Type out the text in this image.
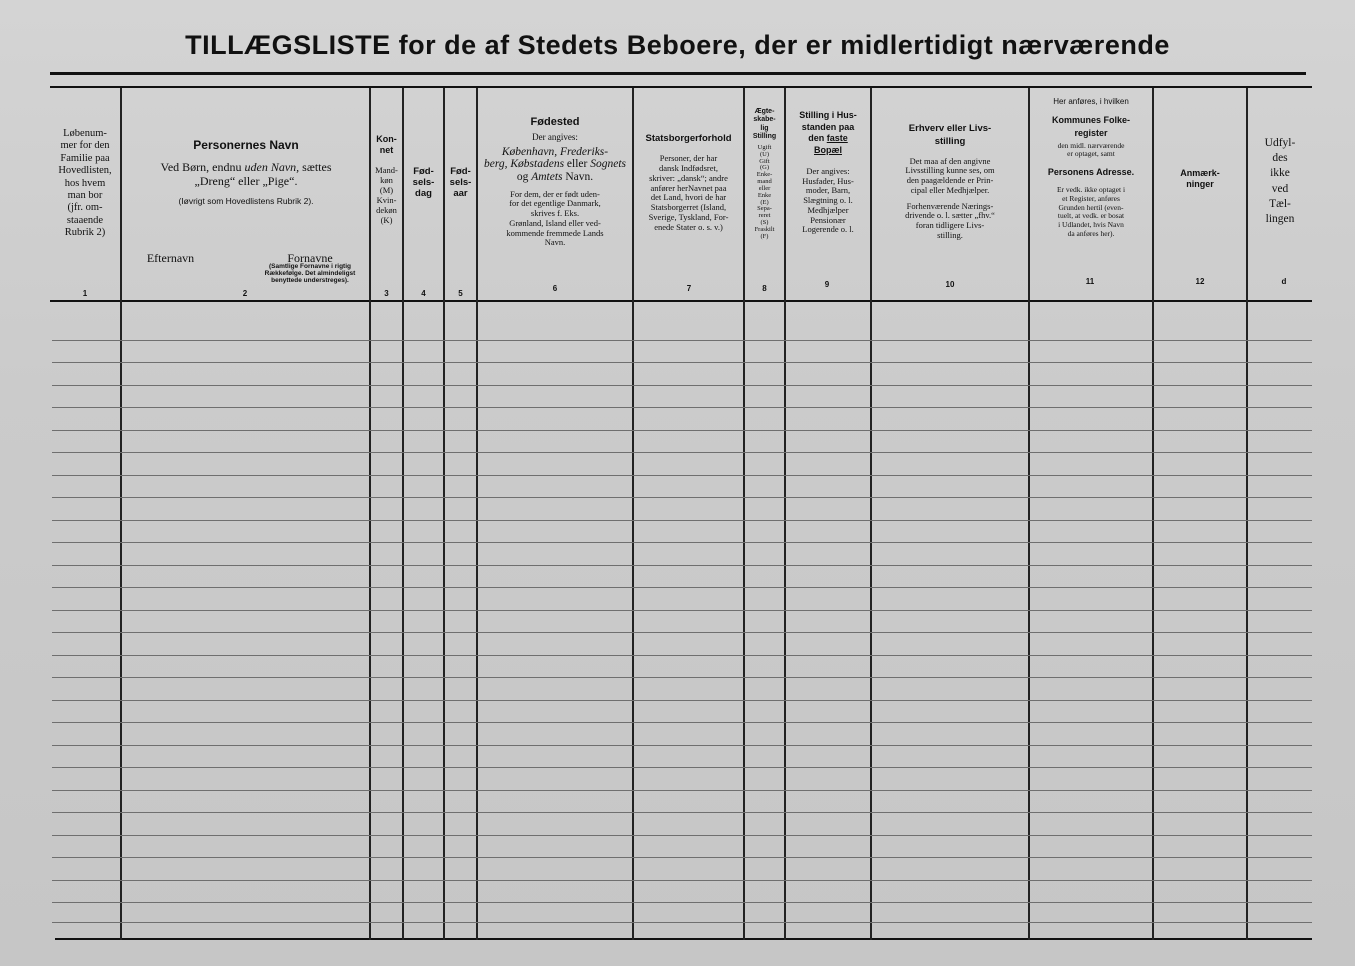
TILLÆGSLISTE for de af Stedets Beboere, der er midlertidigt nærværende
Løbenum-
mer for den
Familie paa
Hovedlisten,
hos hvem
man bor
(jfr. om-
staaende
Rubrik 2)
1
Personernes Navn
Ved Børn, endnu uden Navn, sættes
„Dreng“ eller „Pige“.
(Iøvrigt som Hovedlistens Rubrik 2).
Efternavn	Fornavne
(Samtlige Fornavne i rigtig Rækkefølge. Det almindeligst benyttede understreges).
2
Kon-
net
Mand-
køn
(M)
Kvin-
dekøn
(K)
3
Fød-
sels-
dag
4
Fød-
sels-
aar
5
Fødested
Der angives:
København, Frederiks-
berg, Købstadens eller Sognets og Amtets Navn.
For dem, der er født uden-
for det egentlige Danmark,
skrives f. Eks.
Grønland, Island eller ved-
kommende fremmede Lands
Navn.
6
Statsborgerforhold
Personer, der har
dansk Indfødsret,
skriver: „dansk“; andre
anfører herNavnet paa
det Land, hvori de har
Statsborgerret (Island,
Sverige, Tyskland, For-
enede Stater o. s. v.)
7
Ægte-
skabe-
lig
Stilling
Ugift
(U)
Gift
(G)
Enke-
mand
eller
Enke
(E)
Sepa-
reret
(S)
Fraskilt
(F)
8
Stilling i Hus-
standen paa
den faste
Bopæl
Der angives:
Husfader, Hus-
moder, Barn,
Slægtning o. l.
Medhjælper
Pensionær
Logerende o. l.
9
Erhverv eller Livs-
stilling
Det maa af den angivne
Livsstilling kunne ses, om
den paagældende er Prin-
cipal eller Medhjælper.
Forhenværende Nærings-
drivende o. l. sætter „fhv.“
foran tidligere Livs-
stilling.
10
Her anføres, i hvilken
Kommunes Folke-
register
den midl. nærværende
er optaget, samt
Personens Adresse.
Er vedk. ikke optaget i
et Register, anføres
Grunden hertil (even-
tuelt, at vedk. er bosat
i Udlandet, hvis Navn
da anføres her).
11
Anmærk-
ninger
12
Udfyl-
des
ikke
ved
Tæl-
lingen
d
